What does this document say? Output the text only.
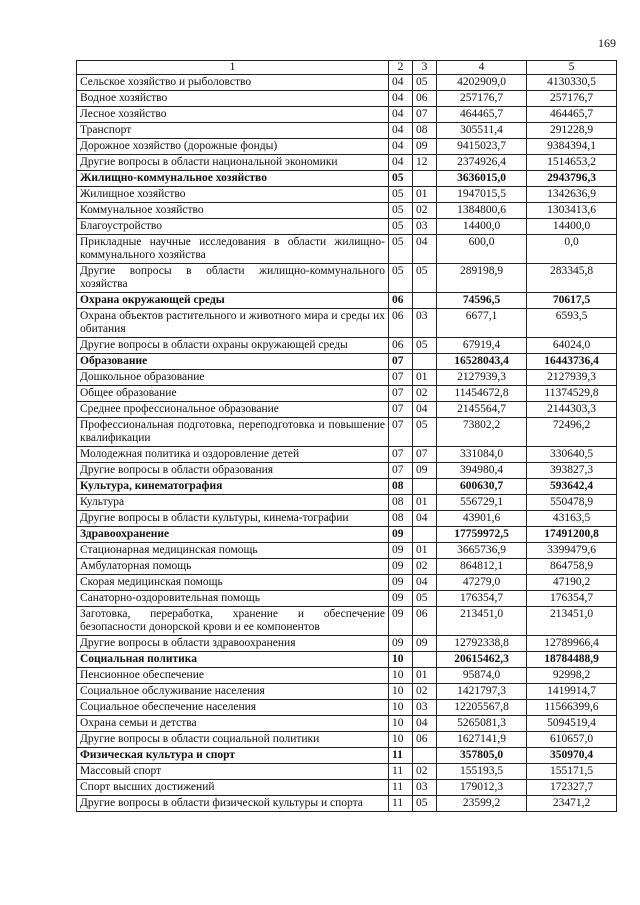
169
1	2	3	4	5
Сельское хозяйство и рыболовство	04	05	4202909,0	4130330,5
Водное хозяйство	04	06	257176,7	257176,7
Лесное хозяйство	04	07	464465,7	464465,7
Транспорт	04	08	305511,4	291228,9
Дорожное хозяйство (дорожные фонды)	04	09	9415023,7	9384394,1
Другие вопросы в области национальной экономики	04	12	2374926,4	1514653,2
Жилищно-коммунальное хозяйство	05		3636015,0	2943796,3
Жилищное хозяйство	05	01	1947015,5	1342636,9
Коммунальное хозяйство	05	02	1384800,6	1303413,6
Благоустройство	05	03	14400,0	14400,0
Прикладные научные исследования в области жилищно-коммунального хозяйства	05	04	600,0	0,0
Другие вопросы в области жилищно-коммунального хозяйства	05	05	289198,9	283345,8
Охрана окружающей среды	06		74596,5	70617,5
Охрана объектов растительного и животного мира и среды их обитания	06	03	6677,1	6593,5
Другие вопросы в области охраны окружающей среды	06	05	67919,4	64024,0
Образование	07		16528043,4	16443736,4
Дошкольное образование	07	01	2127939,3	2127939,3
Общее образование	07	02	11454672,8	11374529,8
Среднее профессиональное образование	07	04	2145564,7	2144303,3
Профессиональная подготовка, переподготовка и повышение квалификации	07	05	73802,2	72496,2
Молодежная политика и оздоровление детей	07	07	331084,0	330640,5
Другие вопросы в области образования	07	09	394980,4	393827,3
Культура, кинематография	08		600630,7	593642,4
Культура	08	01	556729,1	550478,9
Другие вопросы в области культуры, кинема-тографии	08	04	43901,6	43163,5
Здравоохранение	09		17759972,5	17491200,8
Стационарная медицинская помощь	09	01	3665736,9	3399479,6
Амбулаторная помощь	09	02	864812,1	864758,9
Скорая медицинская помощь	09	04	47279,0	47190,2
Санаторно-оздоровительная помощь	09	05	176354,7	176354,7
Заготовка, переработка, хранение и обеспечение безопасности донорской крови и ее компонентов	09	06	213451,0	213451,0
Другие вопросы в области здравоохранения	09	09	12792338,8	12789966,4
Социальная политика	10		20615462,3	18784488,9
Пенсионное обеспечение	10	01	95874,0	92998,2
Социальное обслуживание населения	10	02	1421797,3	1419914,7
Социальное обеспечение населения	10	03	12205567,8	11566399,6
Охрана семьи и детства	10	04	5265081,3	5094519,4
Другие вопросы в области социальной политики	10	06	1627141,9	610657,0
Физическая культура и спорт	11		357805,0	350970,4
Массовый спорт	11	02	155193,5	155171,5
Спорт высших достижений	11	03	179012,3	172327,7
Другие вопросы в области физической культуры и спорта	11	05	23599,2	23471,2
